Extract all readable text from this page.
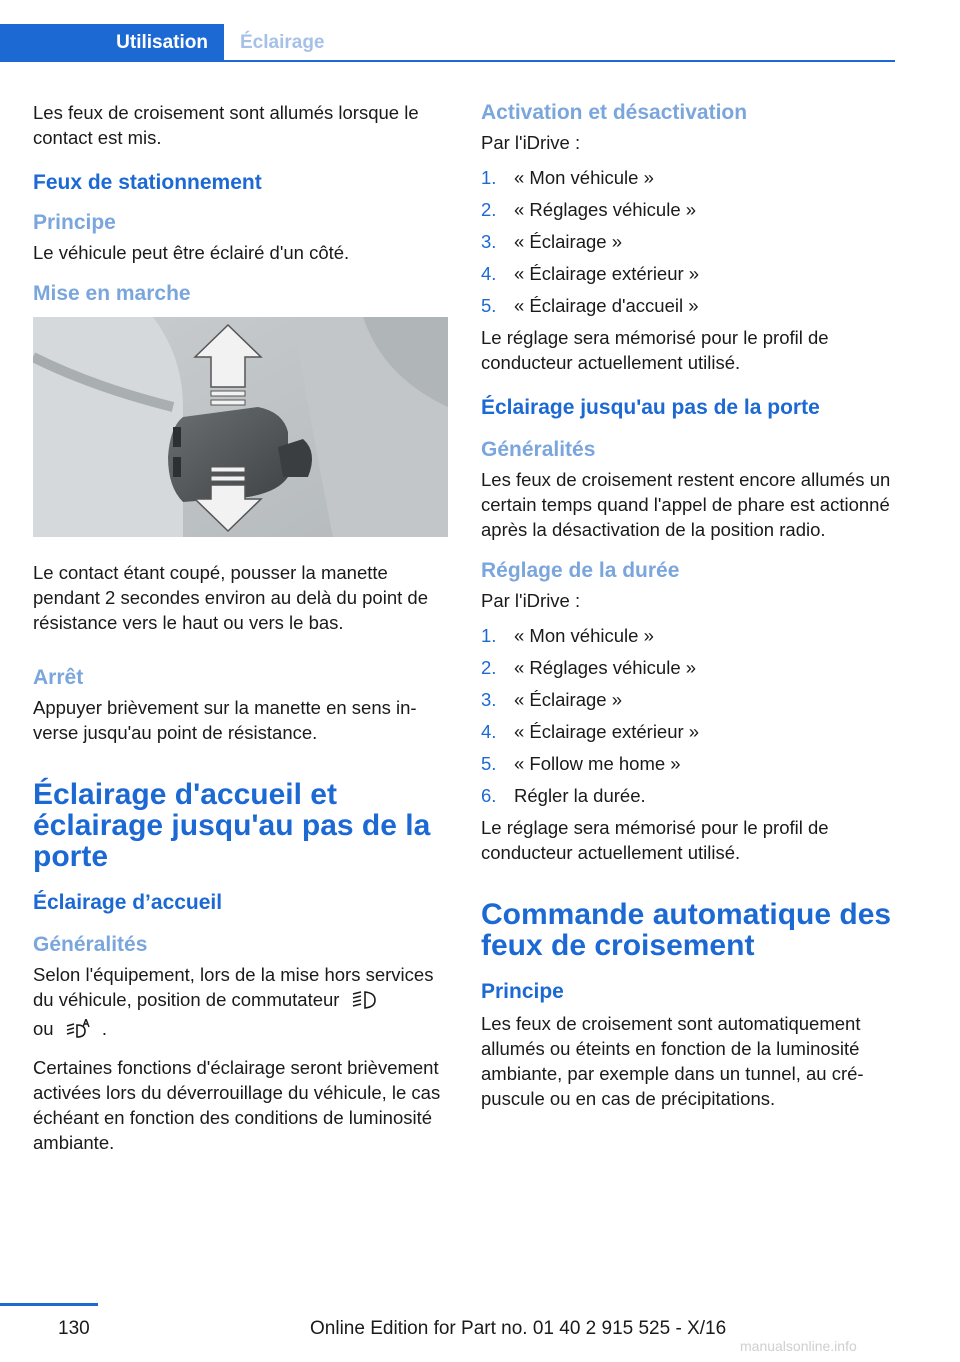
Utilisation	Éclairage

Les feux de croisement sont allumés lorsque le contact est mis.

Feux de stationnement
Principe

Le véhicule peut être éclairé d'un côté.

Mise en marche

Le contact étant coupé, pousser la manette pendant 2 secondes environ au delà du point de résistance vers le haut ou vers le bas.

Arrêt

Appuyer brièvement sur la manette en sens inverse jusqu'au point de résistance.

Éclairage d'accueil et éclairage jusqu'au pas de la porte
Éclairage d’accueil
Généralités

Selon l'équipement, lors de la mise hors services du véhicule, position de commutateur
ou	.

Certaines fonctions d'éclairage seront brièvement activées lors du déverrouillage du véhicule, le cas échéant en fonction des conditions de luminosité ambiante.

Activation et désactivation

Par l'iDrive :

1. « Mon véhicule »
2. « Réglages véhicule »
3. « Éclairage »
4. « Éclairage extérieur »
5. « Éclairage d'accueil »

Le réglage sera mémorisé pour le profil de conducteur actuellement utilisé.

Éclairage jusqu'au pas de la porte
Généralités

Les feux de croisement restent encore allumés un certain temps quand l'appel de phare est actionné après la désactivation de la position radio.

Réglage de la durée

Par l'iDrive :

1. « Mon véhicule »
2. « Réglages véhicule »
3. « Éclairage »
4. « Éclairage extérieur »
5. « Follow me home »
6. Régler la durée.

Le réglage sera mémorisé pour le profil de conducteur actuellement utilisé.

Commande automatique des feux de croisement
Principe

Les feux de croisement sont automatiquement allumés ou éteints en fonction de la luminosité ambiante, par exemple dans un tunnel, au crépuscule ou en cas de précipitations.

130	Online Edition for Part no. 01 40 2 915 525 - X/16
manualsonline.info
